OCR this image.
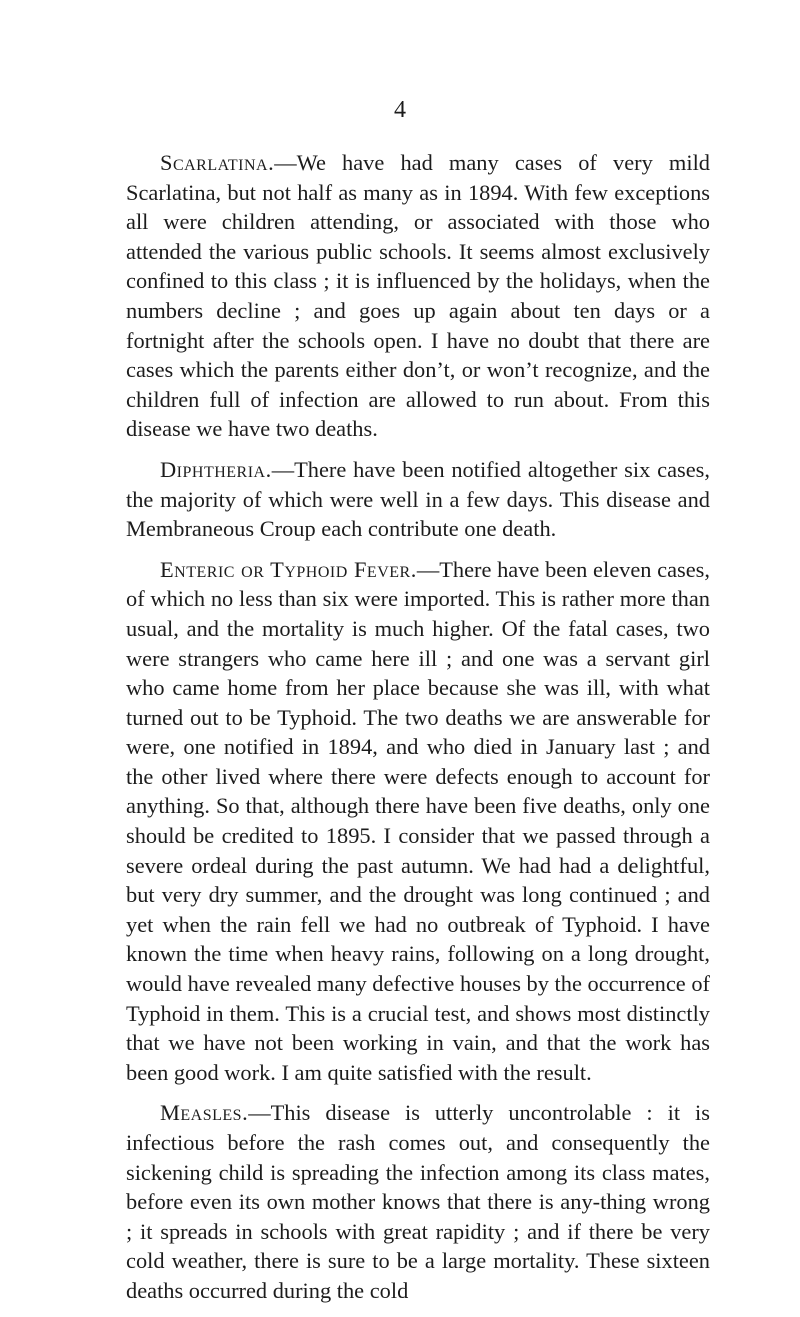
4

Scarlatina.—We have had many cases of very mild Scarlatina, but not half as many as in 1894. With few exceptions all were children attending, or associated with those who attended the various public schools. It seems almost exclusively confined to this class ; it is influenced by the holidays, when the numbers decline ; and goes up again about ten days or a fortnight after the schools open. I have no doubt that there are cases which the parents either don’t, or won’t recognize, and the children full of infection are allowed to run about. From this disease we have two deaths.

Diphtheria.—There have been notified altogether six cases, the majority of which were well in a few days. This disease and Membraneous Croup each contribute one death.

Enteric or Typhoid Fever.—There have been eleven cases, of which no less than six were imported. This is rather more than usual, and the mortality is much higher. Of the fatal cases, two were strangers who came here ill ; and one was a servant girl who came home from her place because she was ill, with what turned out to be Typhoid. The two deaths we are answerable for were, one notified in 1894, and who died in January last ; and the other lived where there were defects enough to account for anything. So that, although there have been five deaths, only one should be credited to 1895. I consider that we passed through a severe ordeal during the past autumn. We had had a delightful, but very dry summer, and the drought was long continued ; and yet when the rain fell we had no outbreak of Typhoid. I have known the time when heavy rains, following on a long drought, would have revealed many defective houses by the occurrence of Typhoid in them. This is a crucial test, and shows most distinctly that we have not been working in vain, and that the work has been good work. I am quite satisfied with the result.

Measles.—This disease is utterly uncontrolable : it is infectious before the rash comes out, and consequently the sickening child is spreading the infection among its class mates, before even its own mother knows that there is any-thing wrong ; it spreads in schools with great rapidity ; and if there be very cold weather, there is sure to be a large mortality. These sixteen deaths occurred during the cold
